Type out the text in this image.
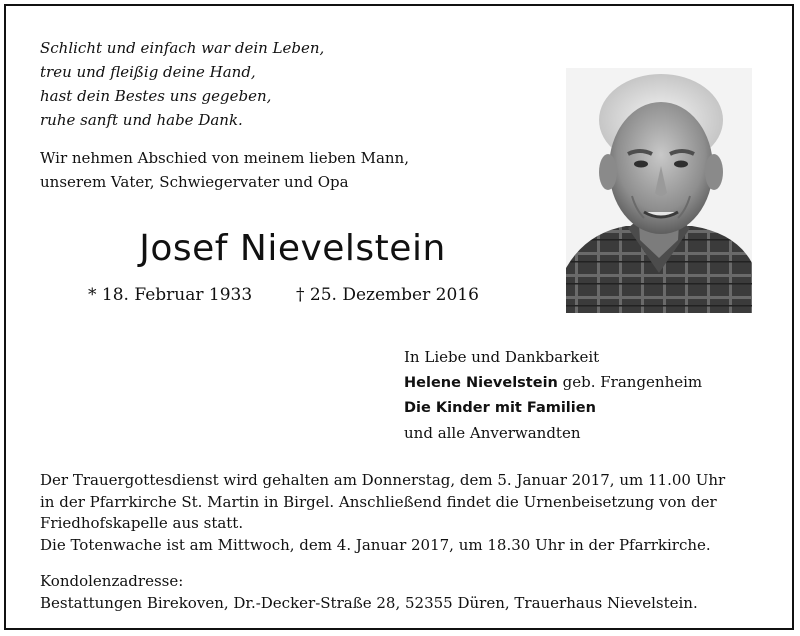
Schlicht und einfach war dein Leben,
treu und fleißig deine Hand,
hast dein Bestes uns gegeben,
ruhe sanft und habe Dank.
Wir nehmen Abschied von meinem lieben Mann,
unserem Vater, Schwiegervater und Opa
Josef Nievelstein
* 18. Februar 1933	† 25. Dezember 2016
In Liebe und Dankbarkeit
Helene Nievelstein geb. Frangenheim
Die Kinder mit Familien
und alle Anverwandten
Der Trauergottesdienst wird gehalten am Donnerstag, dem 5. Januar 2017, um 11.00 Uhr
in der Pfarrkirche St. Martin in Birgel. Anschließend findet die Urnenbeisetzung von der
Friedhofskapelle aus statt.
Die Totenwache ist am Mittwoch, dem 4. Januar 2017, um 18.30 Uhr in der Pfarrkirche.
Kondolenzadresse:
Bestattungen Birekoven, Dr.-Decker-Straße 28, 52355 Düren, Trauerhaus Nievelstein.
